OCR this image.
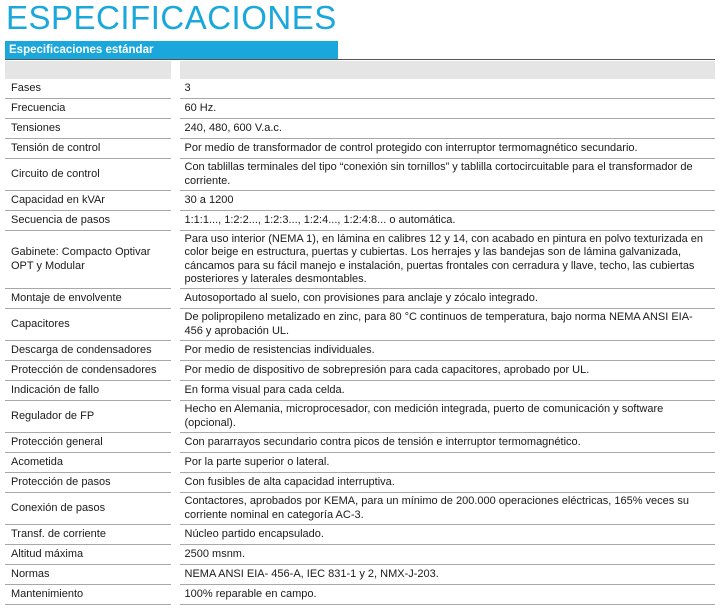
ESPECIFICACIONES
Especificaciones estándar

Fases	3
Frecuencia	60 Hz.
Tensiones	240, 480, 600 V.a.c.
Tensión de control	Por medio de transformador de control protegido con interruptor termomagnético secundario.
Circuito de control	Con tablillas terminales del tipo “conexión sin tornillos” y tablilla cortocircuitable para el transformador de corriente.
Capacidad en kVAr	30 a 1200
Secuencia de pasos	1:1:1..., 1:2:2..., 1:2:3..., 1:2:4..., 1:2:4:8... o automática.
Gabinete: Compacto Optivar OPT y Modular	Para uso interior (NEMA 1), en lámina en calibres 12 y 14, con acabado en pintura en polvo texturizada en color beige en estructura, puertas y cubiertas. Los herrajes y las bandejas son de lámina galvanizada, cáncamos para su fácil manejo e instalación, puertas frontales con cerradura y llave, techo, las cubiertas posteriores y laterales desmontables.
Montaje de envolvente	Autosoportado al suelo, con provisiones para anclaje y zócalo integrado.
Capacitores	De polipropileno metalizado en zinc, para 80 °C continuos de temperatura, bajo norma NEMA ANSI EIA-456 y aprobación UL.
Descarga de condensadores	Por medio de resistencias individuales.
Protección de condensadores	Por medio de dispositivo de sobrepresión para cada capacitores, aprobado por UL.
Indicación de fallo	En forma visual para cada celda.
Regulador de FP	Hecho en Alemania, microprocesador, con medición integrada, puerto de comunicación y software (opcional).
Protección general	Con pararrayos secundario contra picos de tensión e interruptor termomagnético.
Acometida	Por la parte superior o lateral.
Protección de pasos	Con fusibles de alta capacidad interruptiva.
Conexión de pasos	Contactores, aprobados por KEMA, para un mínimo de 200.000 operaciones eléctricas, 165% veces su corriente nominal en categoría AC-3.
Transf. de corriente	Núcleo partido encapsulado.
Altitud máxima	2500 msnm.
Normas	NEMA ANSI EIA- 456-A, IEC 831-1 y 2, NMX-J-203.
Mantenimiento	100% reparable en campo.
